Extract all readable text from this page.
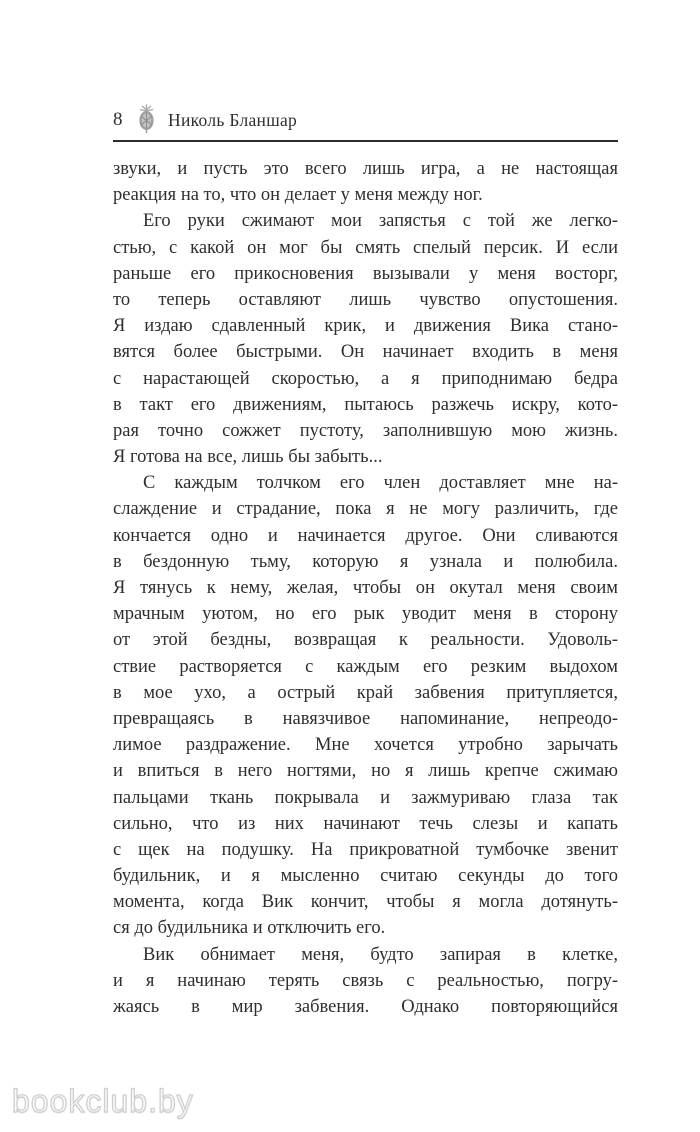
8	Николь Бланшар
звуки, и пусть это всего лишь игра, а не настоящая
реакция на то, что он делает у меня между ног.
Его руки сжимают мои запястья с той же легко-
стью, с какой он мог бы смять спелый персик. И если
раньше его прикосновения вызывали у меня восторг,
то теперь оставляют лишь чувство опустошения.
Я издаю сдавленный крик, и движения Вика стано-
вятся более быстрыми. Он начинает входить в меня
с нарастающей скоростью, а я приподнимаю бедра
в такт его движениям, пытаюсь разжечь искру, кото-
рая точно сожжет пустоту, заполнившую мою жизнь.
Я готова на все, лишь бы забыть...
С каждым толчком его член доставляет мне на-
слаждение и страдание, пока я не могу различить, где
кончается одно и начинается другое. Они сливаются
в бездонную тьму, которую я узнала и полюбила.
Я тянусь к нему, желая, чтобы он окутал меня своим
мрачным уютом, но его рык уводит меня в сторону
от этой бездны, возвращая к реальности. Удоволь-
ствие растворяется с каждым его резким выдохом
в мое ухо, а острый край забвения притупляется,
превращаясь в навязчивое напоминание, непреодо-
лимое раздражение. Мне хочется утробно зарычать
и впиться в него ногтями, но я лишь крепче сжимаю
пальцами ткань покрывала и зажмуриваю глаза так
сильно, что из них начинают течь слезы и капать
с щек на подушку. На прикроватной тумбочке звенит
будильник, и я мысленно считаю секунды до того
момента, когда Вик кончит, чтобы я могла дотянуть-
ся до будильника и отключить его.
Вик обнимает меня, будто запирая в клетке,
и я начинаю терять связь с реальностью, погру-
жаясь в мир забвения. Однако повторяющийся
bookclub.by
